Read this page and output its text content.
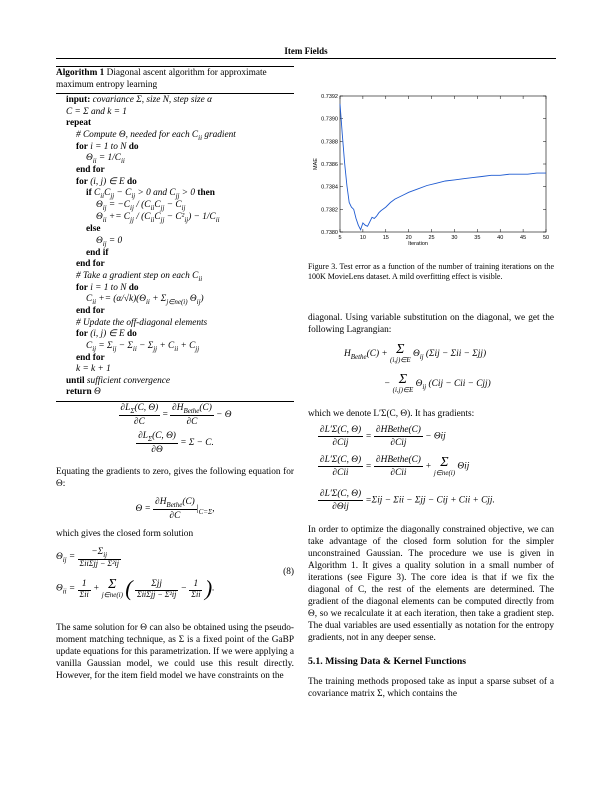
Item Fields
Algorithm 1 Diagonal ascent algorithm for approximate maximum entropy learning
input: covariance Σ, size N, step size α
C = Σ and k = 1
repeat
# Compute Θ, needed for each $C_{ii}$ gradient
for i = 1 to N do
$\Theta_{ii} = 1/C_{ii}$
end for
for (i, j) ∈ E do
if $C_{ii}C_{jj} - C_{ij} > 0$ and $C_{jj} > 0$ then
$\Theta_{ij} = -C_{ij} / (C_{ii}C_{jj} - C_{ij}$
$\Theta_{ii} += C_{jj} / (C_{ii}C_{jj} - C^2_{ij}) - 1/C_{ii}$
else
$\Theta_{ij} = 0$
end if
end for
# Take a gradient step on each $C_{ii}$
for i = 1 to N do
$C_{ii} += (\alpha/√k)(\Theta_{ii} + \Sigma_{j\in ne(i)}$ $\Theta_{ij}$)
end for
# Update the off-diagonal elements
for (i, j) ∈ E do
$C_{ij} = \Sigma_{ij} - \Sigma_{ii} - \Sigma_{jj} + C_{ii} + C_{jj}$
end for
k = k + 1
until sufficient convergence
return Θ
$\frac{\partial L_\Sigma(C, \Theta)}{\partial C} = \frac{\partial H_{Bethe}(C)}{\partial C} - \Theta$
$\frac{\partial L_\Sigma(C, \Theta)}{\partial\Theta} = \Sigma - C$.

Equating the gradients to zero, gives the following equation for Θ:

$\Theta = \frac{\partial H_{Bethe}(C)}{\partial C} |_{C=\Sigma}$,

which gives the closed form solution

$\Theta_{ij} = \frac{-\Sigma_{ij}}{\text{ΣiiΣjj − Σ²ij}}$
$\Theta_{ii} = \frac{1}{\text{Σii}} + \Sigma$
j∈ne(i) ( $\frac{\text{Σjj}}{\text{ΣiiΣjj − Σ²ij}} - \frac{1}{\text{Σii}}$ ).
(8)

The same solution for Θ can also be obtained using the pseudo-moment matching technique, as Σ is a fixed point of the GaBP update equations for this parametrization. If we were applying a vanilla Gaussian model, we could use this result directly. However, for the item field model we have constraints on the

5	10	15	20	25	30	35	40	45	50
0.7380
0.7382
0.7384
0.7386
0.7388
0.7390
0.7392
Iteration
MAE
Figure 3. Test error as a function of the number of training iterations on the 100K MovieLens dataset. A mild overfitting effect is visible.

diagonal. Using variable substitution on the diagonal, we get the following Lagrangian:

$H_{Bethe}(C) + \Sigma$
(i,j)∈E
$\Theta_{ij}$ (Σij − Σii − Σjj)
− Σ
(i,j)∈E
$\Theta_{ij}$ (Cij − Cii − Cjj)

which we denote L′Σ(C, Θ). It has gradients:

$\frac{\partial L'\Sigma(C, \Theta)}{\text{∂Cij}} = \frac{\text{∂HBethe(C)}}{\text{∂Cij}} - \Theta ij$
$\frac{\partial L'\Sigma(C, \Theta)}{\text{∂Cii}} = \frac{\text{∂HBethe(C)}}{\text{∂Cii}} + \Sigma$
j∈ne(i)
Θij
$\frac{\partial L'\Sigma(C, \Theta)}{\text{∂Θij}} =\Sigma ij - \Sigma ii - \Sigma jj$ − Cij + Cii + Cjj.

In order to optimize the diagonally constrained objective, we can take advantage of the closed form solution for the simpler unconstrained Gaussian. The procedure we use is given in Algorithm 1. It gives a quality solution in a small number of iterations (see Figure 3). The core idea is that if we fix the diagonal of C, the rest of the elements are determined. The gradient of the diagonal elements can be computed directly from Θ, so we recalculate it at each iteration, then take a gradient step. The dual variables are used essentially as notation for the entropy gradients, not in any deeper sense.

5.1. Missing Data & Kernel Functions

The training methods proposed take as input a sparse subset of a covariance matrix Σ, which contains the
